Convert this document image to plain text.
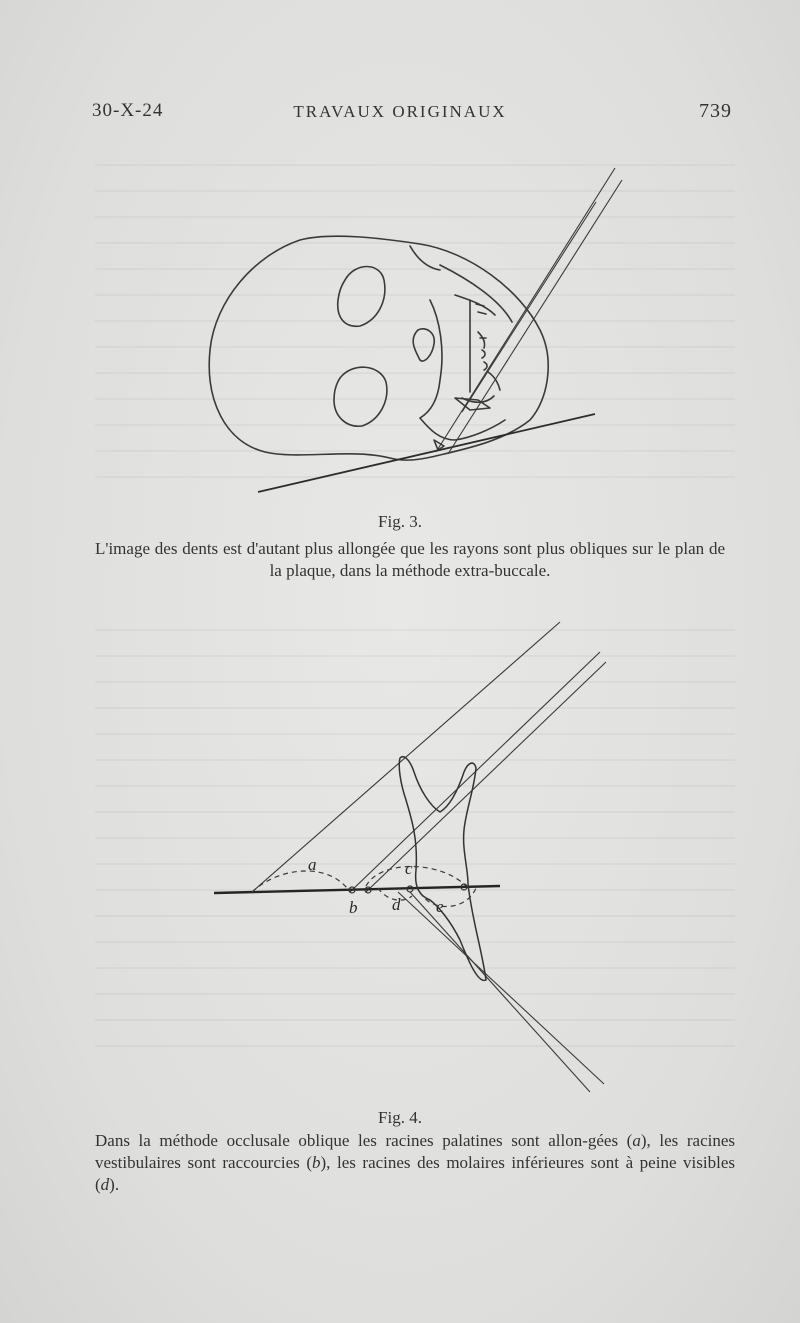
30-X-24	TRAVAUX ORIGINAUX	739
Fig. 3.
L'image des dents est d'autant plus allongée que les rayons sont plus obliques sur le plan de la plaque, dans la méthode extra-buccale.
a
b
c
d e
Fig. 4.
Dans la méthode occlusale oblique les racines palatines sont allon-gées (a), les racines vestibulaires sont raccourcies (b), les racines des molaires inférieures sont à peine visibles (d).
